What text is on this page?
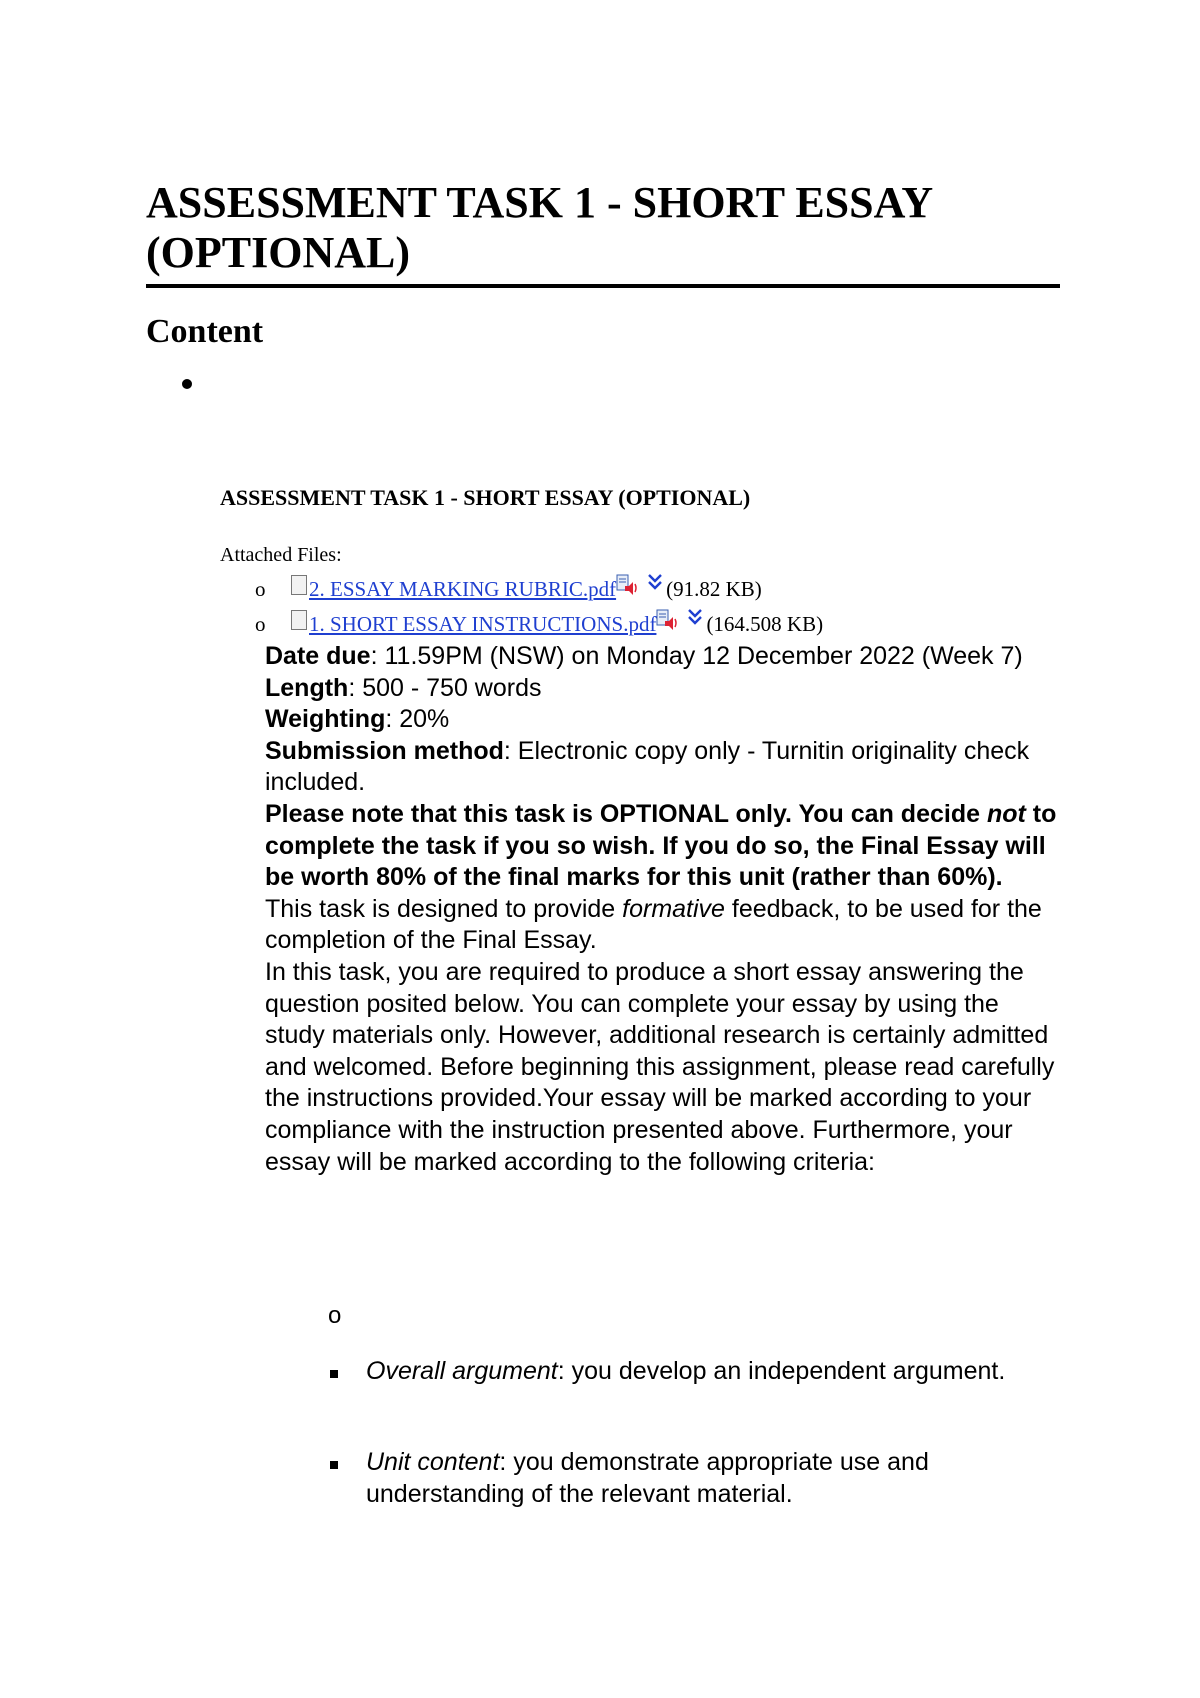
ASSESSMENT TASK 1 - SHORT ESSAY (OPTIONAL)
Content
ASSESSMENT TASK 1 - SHORT ESSAY (OPTIONAL)
Attached Files:
o	2. ESSAY MARKING RUBRIC.pdf (91.82 KB)
o	1. SHORT ESSAY INSTRUCTIONS.pdf (164.508 KB)

Date due: 11.59PM (NSW) on Monday 12 December 2022 (Week 7)

Length: 500 - 750 words

Weighting: 20%

Submission method: Electronic copy only - Turnitin originality check included.

Please note that this task is OPTIONAL only. You can decide not to complete the task if you so wish. If you do so, the Final Essay will be worth 80% of the final marks for this unit (rather than 60%).

This task is designed to provide formative feedback, to be used for the completion of the Final Essay.

In this task, you are required to produce a short essay answering the question posited below. You can complete your essay by using the study materials only. However, additional research is certainly admitted and welcomed. Before beginning this assignment, please read carefully the instructions provided.Your essay will be marked according to your compliance with the instruction presented above. Furthermore, your essay will be marked according to the following criteria:

o
Overall argument: you develop an independent argument.
Unit content: you demonstrate appropriate use and understanding of the relevant material.
